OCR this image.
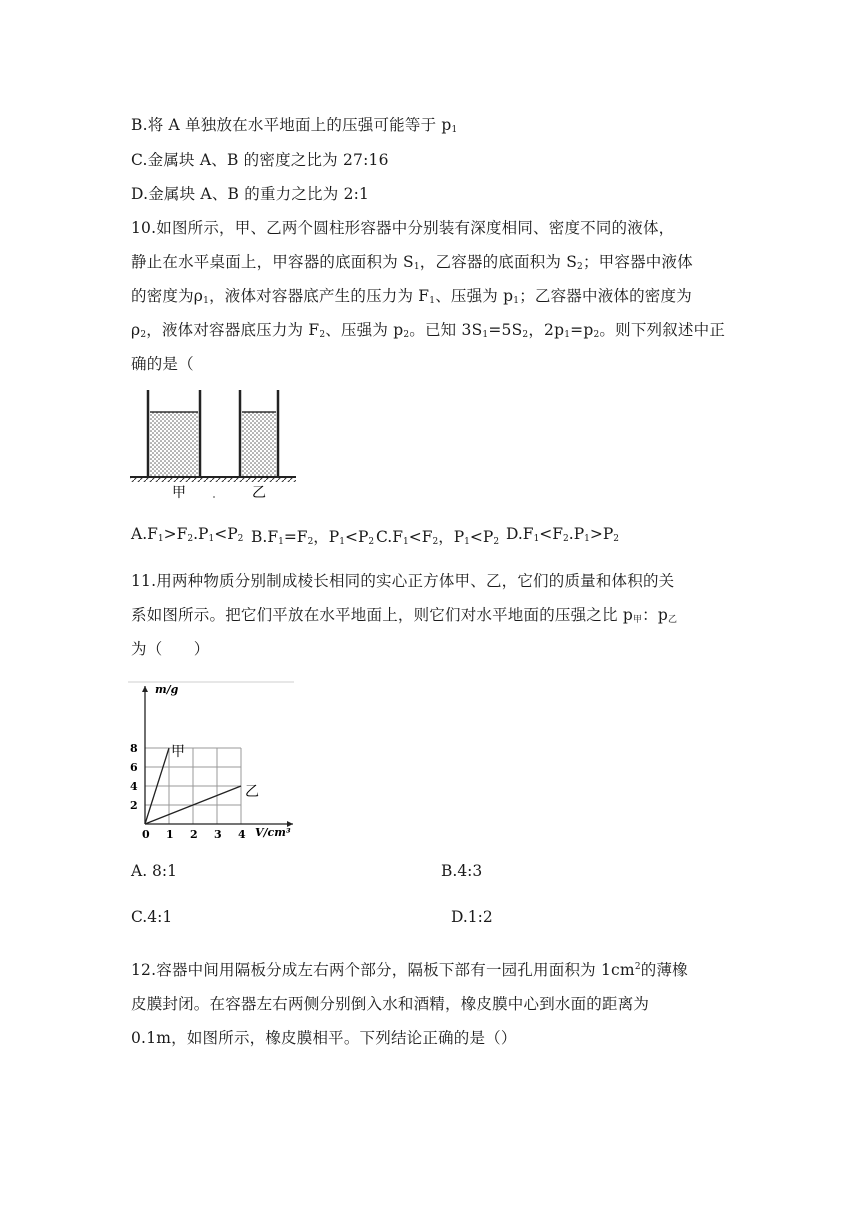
B.将 A 单独放在水平地面上的压强可能等于 $p_1$
C.金属块 A、B 的密度之比为 27:16
D.金属块 A、B 的重力之比为 2:1
10.如图所示，甲、乙两个圆柱形容器中分别装有深度相同、密度不同的液体，
静止在水平桌面上，甲容器的底面积为 $S_1$，乙容器的底面积为 $S_2$；甲容器中液体
的密度为$\rho_1$，液体对容器底产生的压力为 $F_1$、压强为 $p_1$；乙容器中液体的密度为
$\rho_2$，液体对容器底压力为 $F_2$、压强为 $p_2$。已知 $3S_1=5S_2$，$2p_1=p_2$。则下列叙述中正
确的是（
甲	乙
$A.F_1>F_2.P_1<P_2$ $B.F_1=F_2$，$P_1<P_2$ $C.F_1<F_2$，$P_1<P_2$ $D.F_1<F_2.P_1>P_2$
11.用两种物质分别制成棱长相同的实心正方体甲、乙，它们的质量和体积的关
系如图所示。把它们平放在水平地面上，则它们对水平地面的压强之比 $p_甲$：$p_乙$
为（　　）
0 1 2 3 4
2
4
6
8 甲
乙
m/g
V/cm³
A. 8:1	B.4:3
C.4:1	D.1:2
12.容器中间用隔板分成左右两个部分，隔板下部有一园孔用面积为 $1cm^2$的薄橡
皮膜封闭。在容器左右两侧分别倒入水和酒精，橡皮膜中心到水面的距离为
0.1m，如图所示，橡皮膜相平。下列结论正确的是（）
